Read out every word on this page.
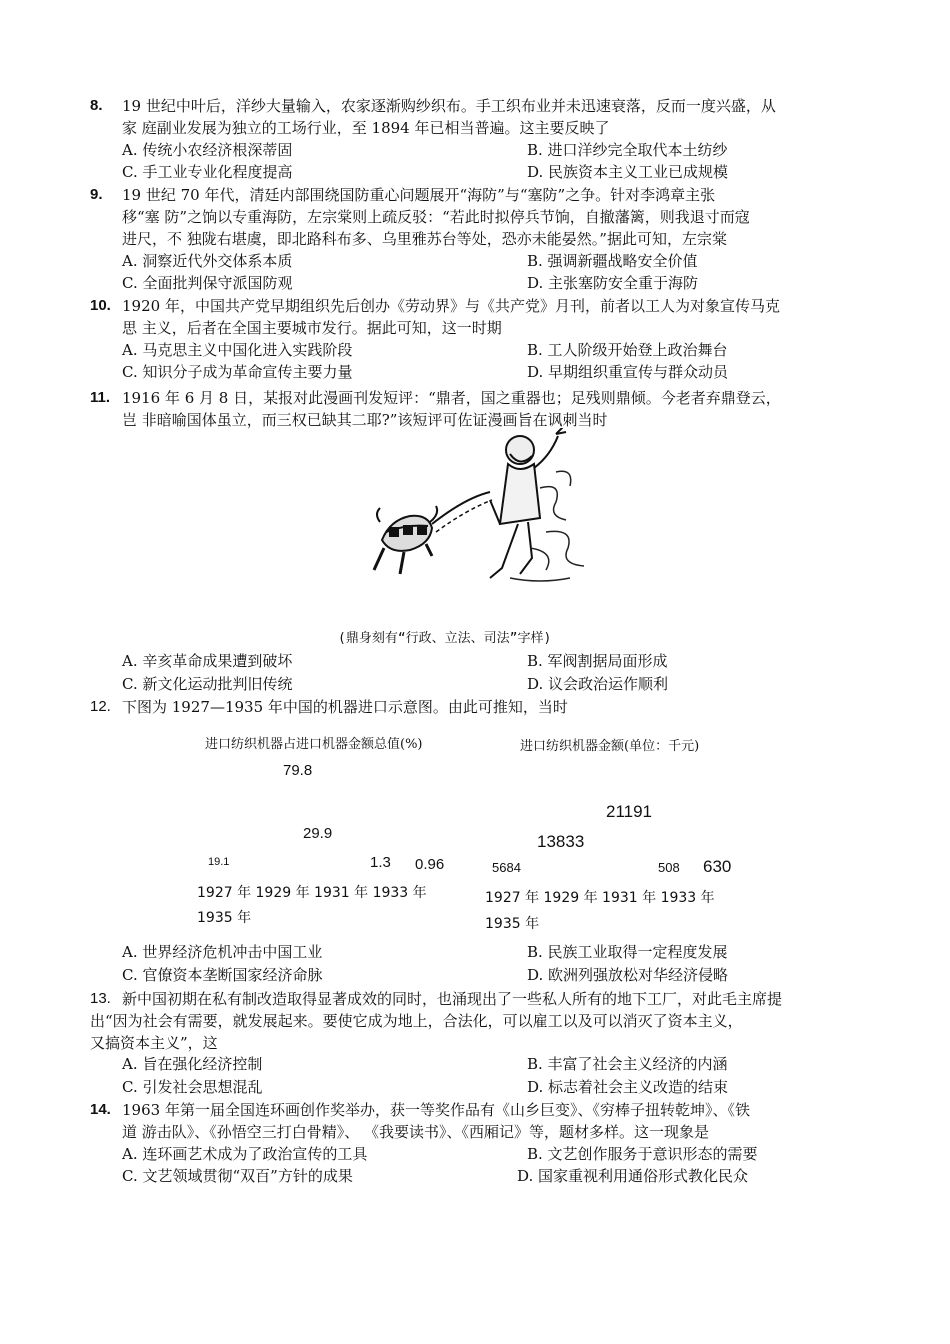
8. 19 世纪中叶后，洋纱大量输入，农家逐渐购纱织布。手工织布业并未迅速衰落，反而一度兴盛，从
家 庭副业发展为独立的工场行业，至 1894 年已相当普遍。这主要反映了
A. 传统小农经济根深蒂固	B. 进口洋纱完全取代本土纺纱
C. 手工业专业化程度提高	D. 民族资本主义工业已成规模
9. 19 世纪 70 年代，清廷内部围绕国防重心问题展开“海防”与“塞防”之争。针对李鸿章主张
移“塞 防”之饷以专重海防，左宗棠则上疏反驳：“若此时拟停兵节饷，自撤藩篱，则我退寸而寇
进尺，不 独陇右堪虞，即北路科布多、乌里雅苏台等处，恐亦未能晏然。”据此可知，左宗棠
A. 洞察近代外交体系本质	B. 强调新疆战略安全价值
C. 全面批判保守派国防观	D. 主张塞防安全重于海防
10. 1920 年，中国共产党早期组织先后创办《劳动界》与《共产党》月刊，前者以工人为对象宣传马克
思 主义，后者在全国主要城市发行。据此可知，这一时期
A. 马克思主义中国化进入实践阶段	B. 工人阶级开始登上政治舞台
C. 知识分子成为革命宣传主要力量	D. 早期组织重宣传与群众动员
11. 1916 年 6 月 8 日，某报对此漫画刊发短评：“鼎者，国之重器也；足残则鼎倾。今老者弃鼎登云，
岂 非暗喻国体虽立，而三权已缺其二耶?”该短评可佐证漫画旨在讽刺当时
(鼎身刻有“行政、立法、司法”字样)
A. 辛亥革命成果遭到破坏	B. 军阀割据局面形成
C. 新文化运动批判旧传统	D. 议会政治运作顺利
12. 下图为 1927—1935 年中国的机器进口示意图。由此可推知，当时
进口纺织机器占进口机器金额总值(%)
19.1
79.8
29.9
1.3 0.96
1927 年 1929 年 1931 年 1933 年
1935 年
进口纺织机器金额(单位：千元)
5684
13833
21191
508 630
1927 年 1929 年 1931 年 1933 年
1935 年
A. 世界经济危机冲击中国工业	B. 民族工业取得一定程度发展
C. 官僚资本垄断国家经济命脉	D. 欧洲列强放松对华经济侵略
13. 新中国初期在私有制改造取得显著成效的同时，也涌现出了一些私人所有的地下工厂，对此毛主席提
出“因为社会有需要，就发展起来。要使它成为地上，合法化，可以雇工以及可以消灭了资本主义，
又搞资本主义”，这
A. 旨在强化经济控制	B. 丰富了社会主义经济的内涵
C. 引发社会思想混乱	D. 标志着社会主义改造的结束
14. 1963 年第一届全国连环画创作奖举办，获一等奖作品有《山乡巨变》、《穷棒子扭转乾坤》、《铁
道 游击队》、《孙悟空三打白骨精》、 《我要读书》、《西厢记》等，题材多样。这一现象是
A. 连环画艺术成为了政治宣传的工具	B. 文艺创作服务于意识形态的需要
C. 文艺领域贯彻“双百”方针的成果	D. 国家重视利用通俗形式教化民众
